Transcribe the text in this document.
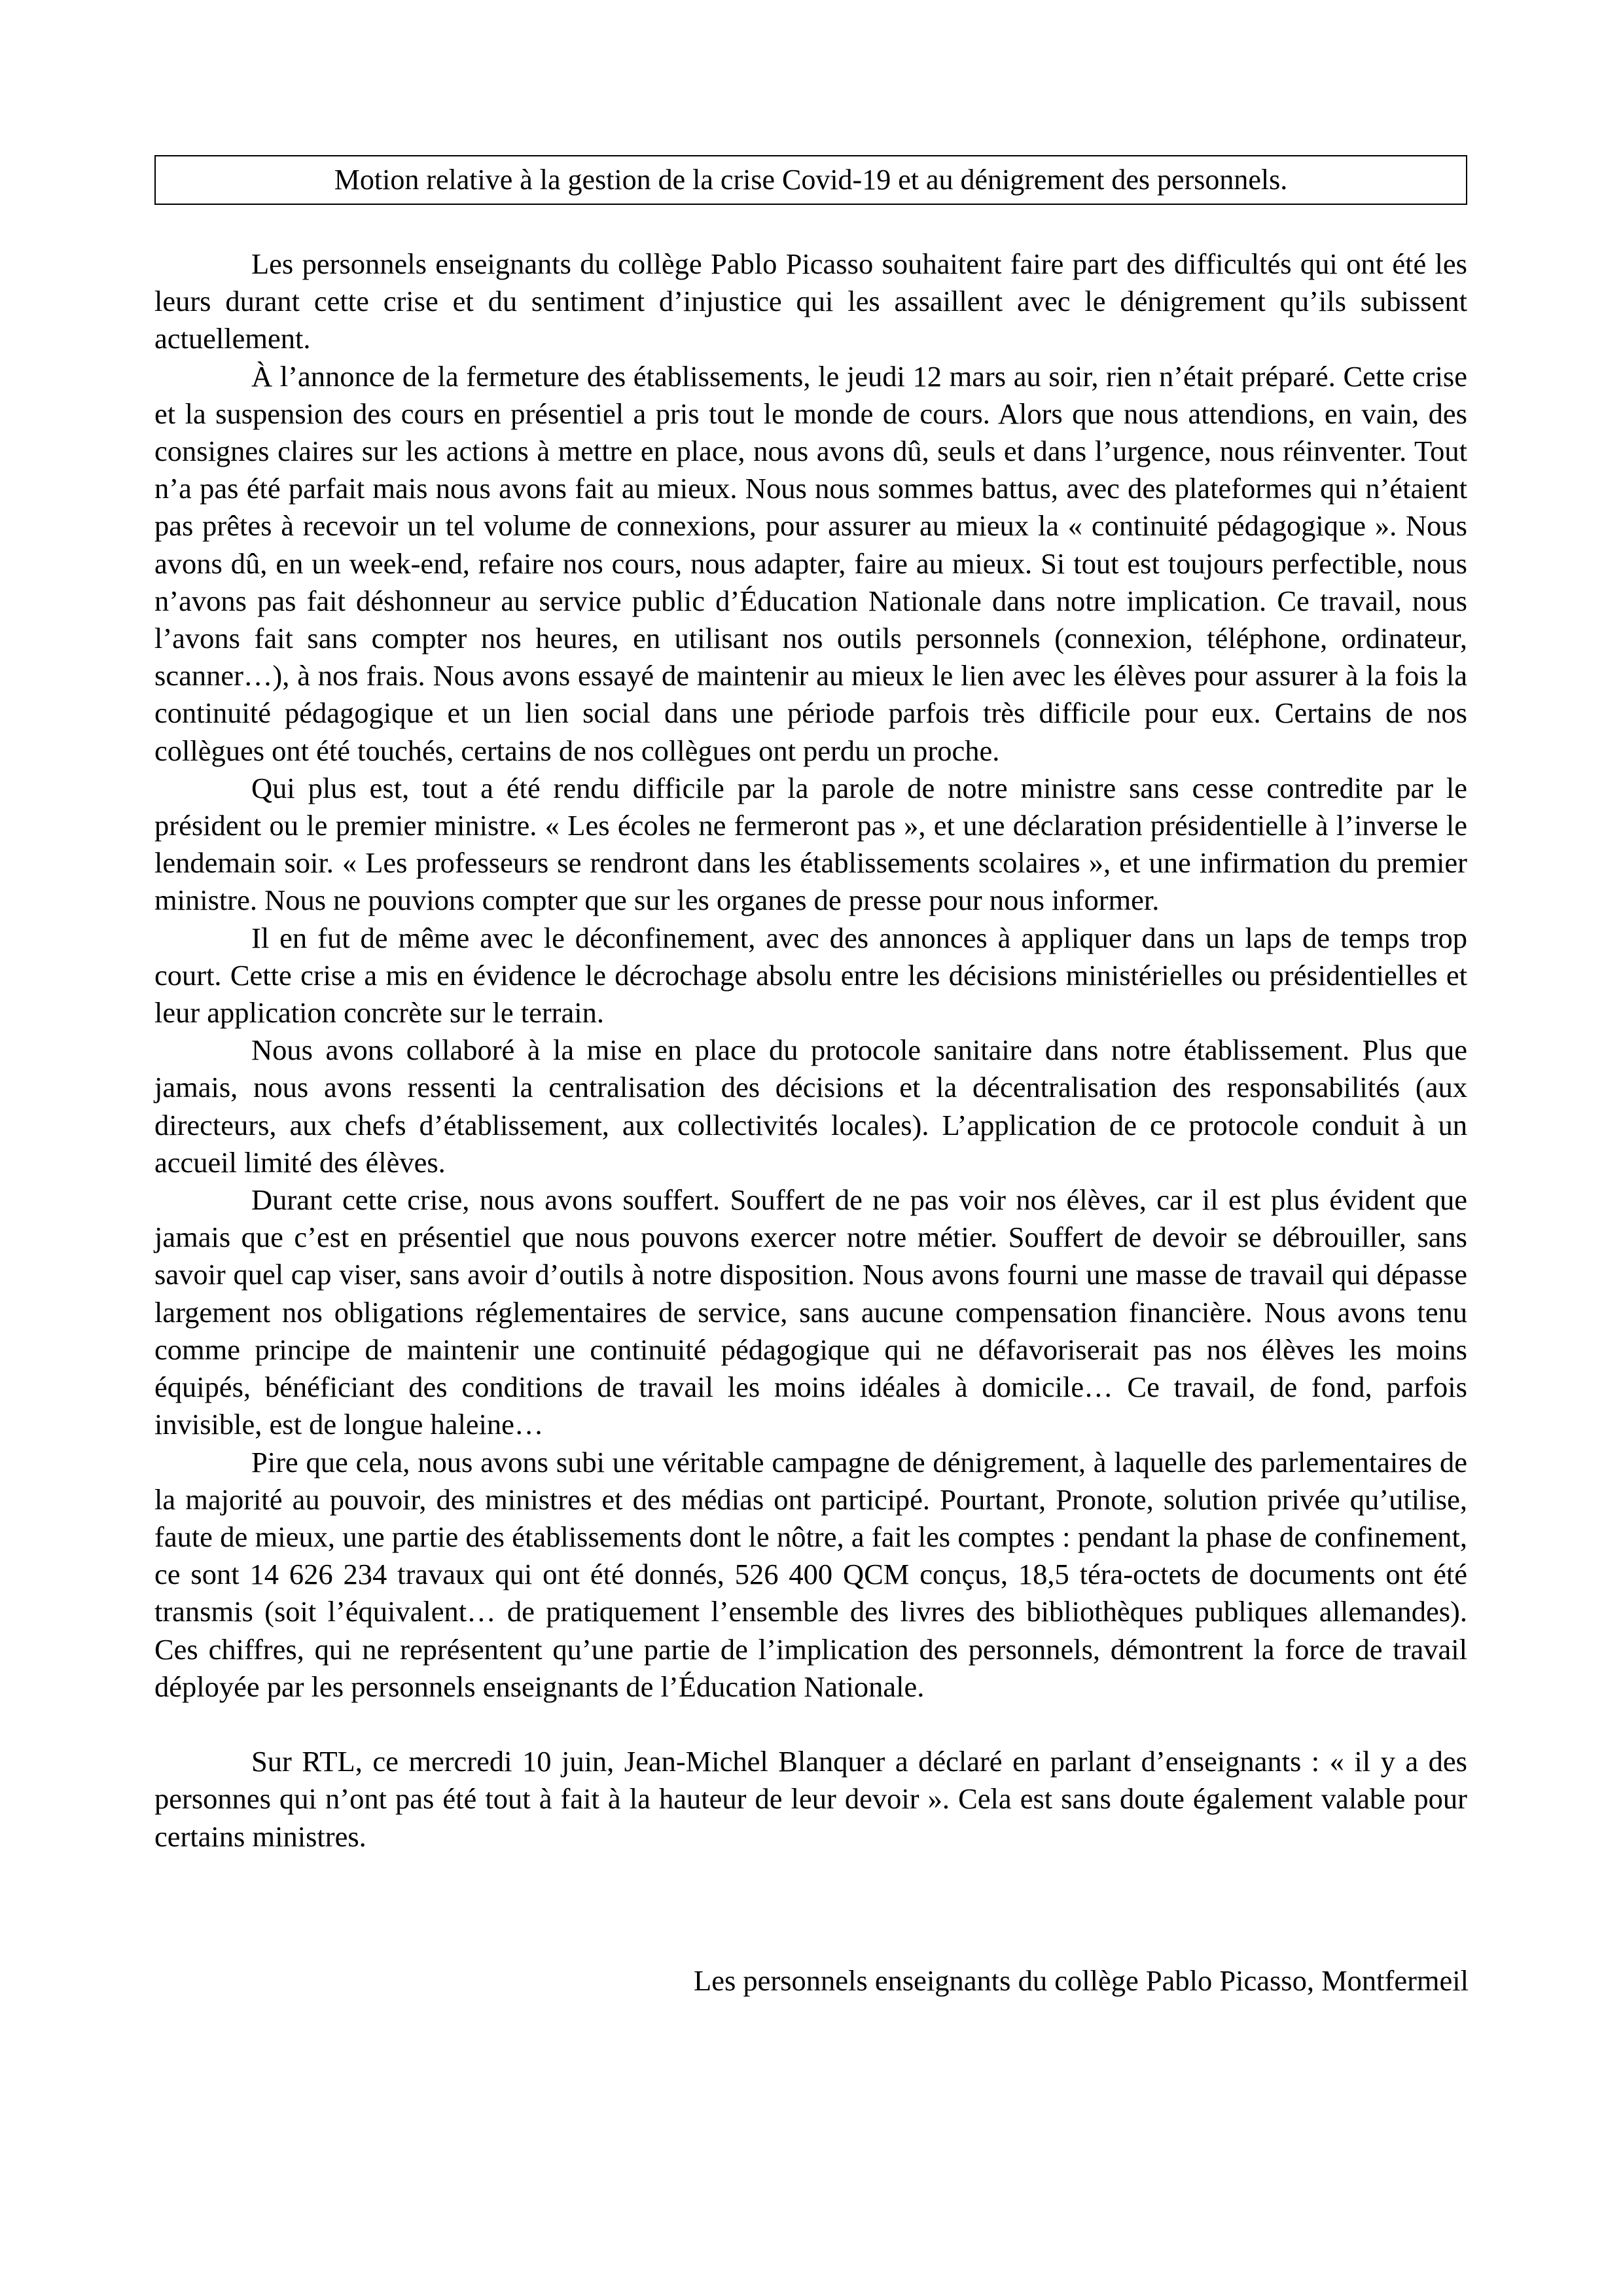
Motion relative à la gestion de la crise Covid-19 et au dénigrement des personnels.

Les personnels enseignants du collège Pablo Picasso souhaitent faire part des difficultés qui ont été les leurs durant cette crise et du sentiment d’injustice qui les assaillent avec le dénigrement qu’ils subissent actuellement.

À l’annonce de la fermeture des établissements, le jeudi 12 mars au soir, rien n’était préparé. Cette crise et la suspension des cours en présentiel a pris tout le monde de cours. Alors que nous attendions, en vain, des consignes claires sur les actions à mettre en place, nous avons dû, seuls et dans l’urgence, nous réinventer. Tout n’a pas été parfait mais nous avons fait au mieux. Nous nous sommes battus, avec des plateformes qui n’étaient pas prêtes à recevoir un tel volume de connexions, pour assurer au mieux la « continuité pédagogique ». Nous avons dû, en un week-end, refaire nos cours, nous adapter, faire au mieux. Si tout est toujours perfectible, nous n’avons pas fait déshonneur au service public d’Éducation Nationale dans notre implication. Ce travail, nous l’avons fait sans compter nos heures, en utilisant nos outils personnels (connexion, téléphone, ordinateur, scanner…), à nos frais. Nous avons essayé de maintenir au mieux le lien avec les élèves pour assurer à la fois la continuité pédagogique et un lien social dans une période parfois très difficile pour eux. Certains de nos collègues ont été touchés, certains de nos collègues ont perdu un proche.

Qui plus est, tout a été rendu difficile par la parole de notre ministre sans cesse contredite par le président ou le premier ministre. « Les écoles ne fermeront pas », et une déclaration présidentielle à l’inverse le lendemain soir. « Les professeurs se rendront dans les établissements scolaires », et une infirmation du premier ministre. Nous ne pouvions compter que sur les organes de presse pour nous informer.

Il en fut de même avec le déconfinement, avec des annonces à appliquer dans un laps de temps trop court. Cette crise a mis en évidence le décrochage absolu entre les décisions ministérielles ou présidentielles et leur application concrète sur le terrain.

Nous avons collaboré à la mise en place du protocole sanitaire dans notre établissement. Plus que jamais, nous avons ressenti la centralisation des décisions et la décentralisation des responsabilités (aux directeurs, aux chefs d’établissement, aux collectivités locales). L’application de ce protocole conduit à un accueil limité des élèves.

Durant cette crise, nous avons souffert. Souffert de ne pas voir nos élèves, car il est plus évident que jamais que c’est en présentiel que nous pouvons exercer notre métier. Souffert de devoir se débrouiller, sans savoir quel cap viser, sans avoir d’outils à notre disposition. Nous avons fourni une masse de travail qui dépasse largement nos obligations réglementaires de service, sans aucune compensation financière. Nous avons tenu comme principe de maintenir une continuité pédagogique qui ne défavoriserait pas nos élèves les moins équipés, bénéficiant des conditions de travail les moins idéales à domicile… Ce travail, de fond, parfois invisible, est de longue haleine…

Pire que cela, nous avons subi une véritable campagne de dénigrement, à laquelle des parlementaires de la majorité au pouvoir, des ministres et des médias ont participé. Pourtant, Pronote, solution privée qu’utilise, faute de mieux, une partie des établissements dont le nôtre, a fait les comptes : pendant la phase de confinement, ce sont 14 626 234 travaux qui ont été donnés, 526 400 QCM conçus, 18,5 téra-octets de documents ont été transmis (soit l’équivalent… de pratiquement l’ensemble des livres des bibliothèques publiques allemandes). Ces chiffres, qui ne représentent qu’une partie de l’implication des personnels, démontrent la force de travail déployée par les personnels enseignants de l’Éducation Nationale.

Sur RTL, ce mercredi 10 juin, Jean-Michel Blanquer a déclaré en parlant d’enseignants : « il y a des personnes qui n’ont pas été tout à fait à la hauteur de leur devoir ». Cela est sans doute également valable pour certains ministres.

Les personnels enseignants du collège Pablo Picasso, Montfermeil
